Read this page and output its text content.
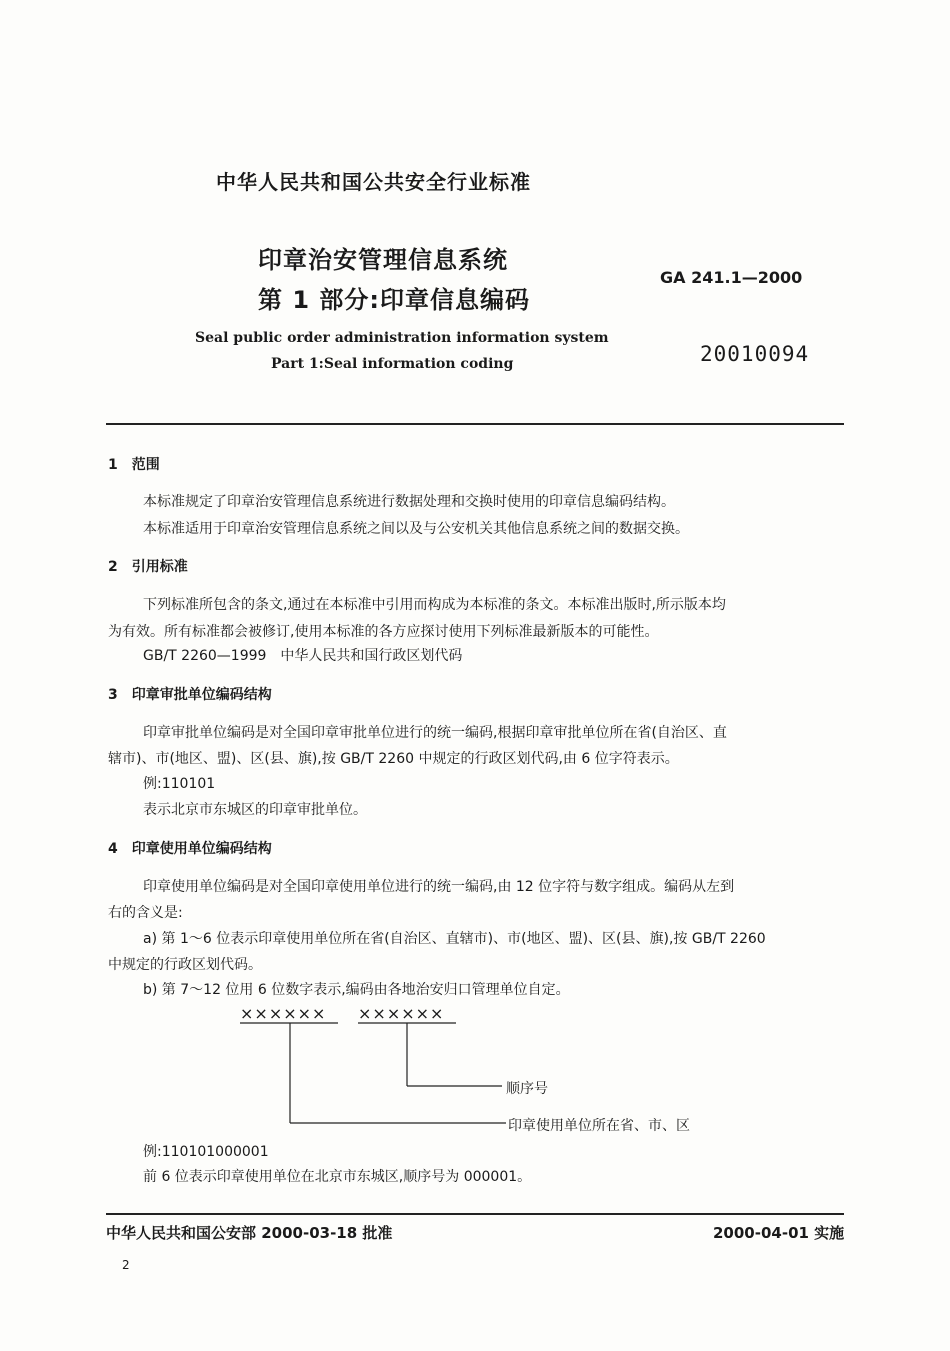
中华人民共和国公共安全行业标准
印章治安管理信息系统
第 1 部分:印章信息编码
Seal public order administration information system
Part 1:Seal information coding
GA 241.1—2000
20010094
1　范围
本标准规定了印章治安管理信息系统进行数据处理和交换时使用的印章信息编码结构。
本标准适用于印章治安管理信息系统之间以及与公安机关其他信息系统之间的数据交换。
2　引用标准
下列标准所包含的条文,通过在本标准中引用而构成为本标准的条文。本标准出版时,所示版本均
为有效。所有标准都会被修订,使用本标准的各方应探讨使用下列标准最新版本的可能性。
GB/T 2260—1999　中华人民共和国行政区划代码
3　印章审批单位编码结构
印章审批单位编码是对全国印章审批单位进行的统一编码,根据印章审批单位所在省(自治区、直
辖市)、市(地区、盟)、区(县、旗),按 GB/T 2260 中规定的行政区划代码,由 6 位字符表示。
例:110101
表示北京市东城区的印章审批单位。
4　印章使用单位编码结构
印章使用单位编码是对全国印章使用单位进行的统一编码,由 12 位字符与数字组成。编码从左到
右的含义是:
a) 第 1～6 位表示印章使用单位所在省(自治区、直辖市)、市(地区、盟)、区(县、旗),按 GB/T 2260
中规定的行政区划代码。
b) 第 7～12 位用 6 位数字表示,编码由各地治安归口管理单位自定。
×××××× ××××××
顺序号
印章使用单位所在省、市、区
例:110101000001
前 6 位表示印章使用单位在北京市东城区,顺序号为 000001。
中华人民共和国公安部 2000-03-18 批准	2000-04-01 实施
2
